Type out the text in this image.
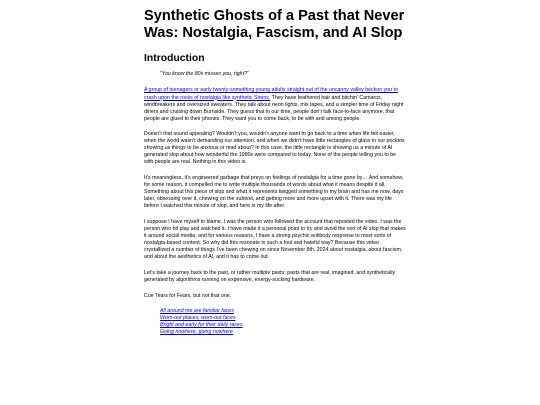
Synthetic Ghosts of a Past that Never Was: Nostalgia, Fascism, and AI Slop
Introduction

“You know the 80s misses you, right?”

A group of teenagers or early twenty-something young adults straight out of the uncanny valley beckon you to crash upon the rocks of nostalgia like synthetic Sirens. They have feathered hair and bitchin’ Camaros, windbreakers and oversized sweaters. They talk about neon lights, mix tapes, and a simpler time of Friday night diners and cruising down Burnside. They guess that in our time, people don’t talk face-to-face anymore, that people are glued to their phones. They want you to come back, to be with and among people.

Doesn’t that sound appealing? Wouldn’t you, wouldn’t anyone want to go back to a time when life felt easier, when the world wasn’t demanding our attention, and when we didn’t have little rectangles of glass in our pockets showing us things to be anxious or mad about? In this case, the little rectangle is showing us a minute of AI generated slop about how wonderful the 1980s were compared to today. None of the people telling you to be with people are real. Nothing in this video is.

It’s meaningless, it’s engineered garbage that preys on feelings of nostalgia for a time gone by… And somehow, for some reason, it compelled me to write multiple thousands of words about what it means despite it all. Something about this piece of slop and what it represents twigged something in my brain and has me now, days later, obsessing over it, chewing on the subtext, and getting more and more upset with it. There was my life before I watched this minute of slop, and here is my life after.

I suppose I have myself to blame. I was the person who followed the account that reposted the video. I was the person who hit play and watched it. I have made it a personal point to try and avoid the sort of AI slop that makes it around social media, and for various reasons, I have a strong psychic antibody response to most sorts of nostalgia-based content. So why did this resonate in such a foul and hateful way? Because this video crystallized a number of things I’ve been chewing on since November 8th, 2024 about nostalgia, about fascism, and about the aesthetics of AI, and it has to come out.

Let’s take a journey back to the past, or rather multiple pasts: pasts that are real, imagined, and synthetically generated by algorithms running on expensive, energy-sucking hardware.

Cue Tears for Fears, but not that one.

All around me are familiar faces
Worn-out places, worn-out faces
Bright and early for their daily races
Going nowhere, going nowhere
